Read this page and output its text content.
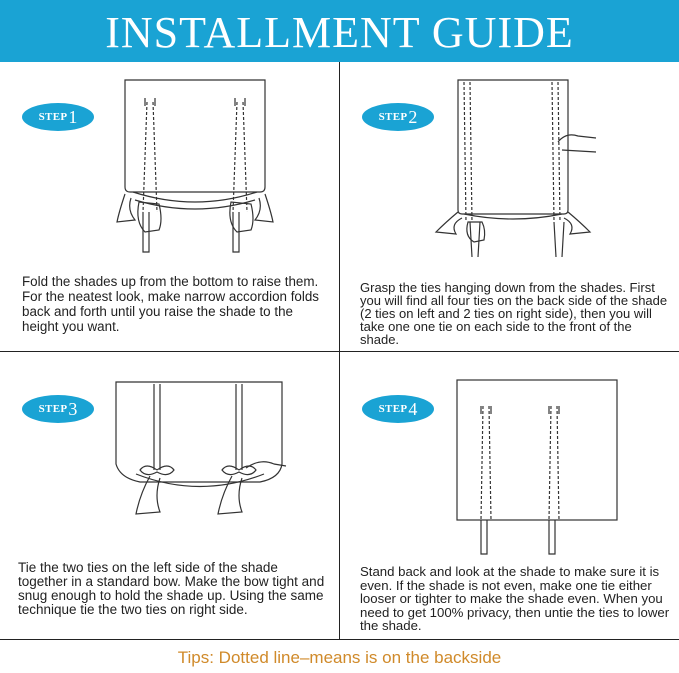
INSTALLMENT GUIDE
STEP 1
Fold the shades up from the bottom to raise them. For the neatest look, make narrow accordion folds back and forth until you raise the shade to the height you want.
STEP 2
Grasp the ties hanging down from the shades. First you will find all four ties on the back side of the shade (2 ties on left and 2 ties on right side), then you will take one one tie on each side to the front of the shade.
STEP 3
Tie the two ties on the left side of the shade together in a standard bow. Make the bow tight and snug enough to hold the shade up. Using the same technique tie the two ties on right side.
STEP 4
Stand back and look at the shade to make sure it is even. If the shade is not even, make one tie either looser or tighter to make the shade even. When you need to get 100% privacy, then untie the ties to lower the shade.
Tips: Dotted line–means is on the backside
